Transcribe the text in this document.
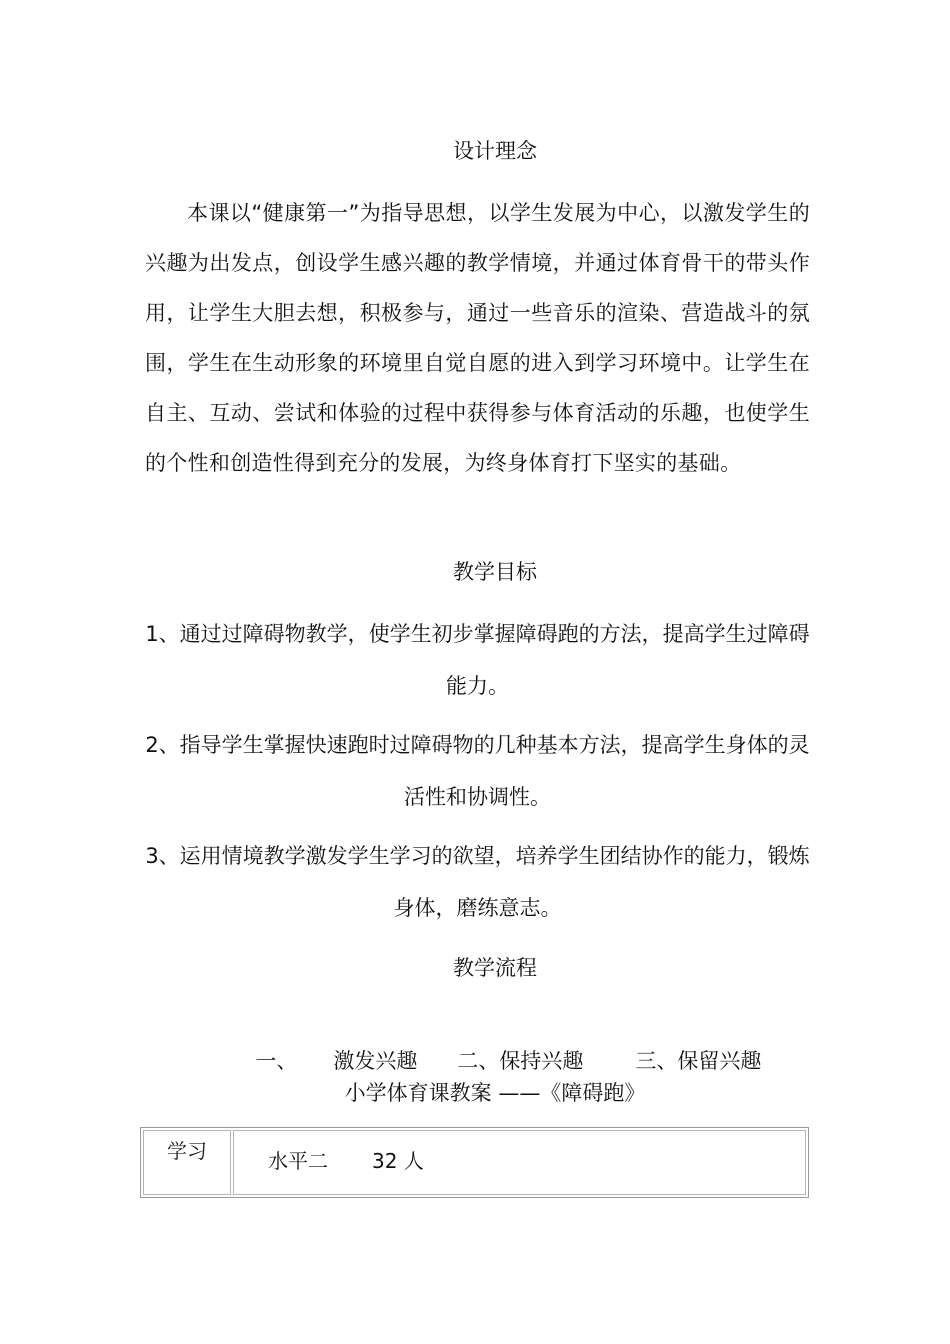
设计理念

本课以“健康第一”为指导思想，以学生发展为中心，以激发学生的兴趣为出发点，创设学生感兴趣的教学情境，并通过体育骨干的带头作用，让学生大胆去想，积极参与，通过一些音乐的渲染、营造战斗的氛围，学生在生动形象的环境里自觉自愿的进入到学习环境中。让学生在自主、互动、尝试和体验的过程中获得参与体育活动的乐趣，也使学生的个性和创造性得到充分的发展，为终身体育打下坚实的基础。

教学目标

1、通过过障碍物教学，使学生初步掌握障碍跑的方法，提高学生过障碍能力。

2、指导学生掌握快速跑时过障碍物的几种基本方法，提高学生身体的灵活性和协调性。

3、运用情境教学激发学生学习的欲望，培养学生团结协作的能力，锻炼身体，磨练意志。

教学流程

一、 激发兴趣 二、保持兴趣 三、保留兴趣

小学体育课教案 ——《障碍跑》
学习	水平二 32 人
